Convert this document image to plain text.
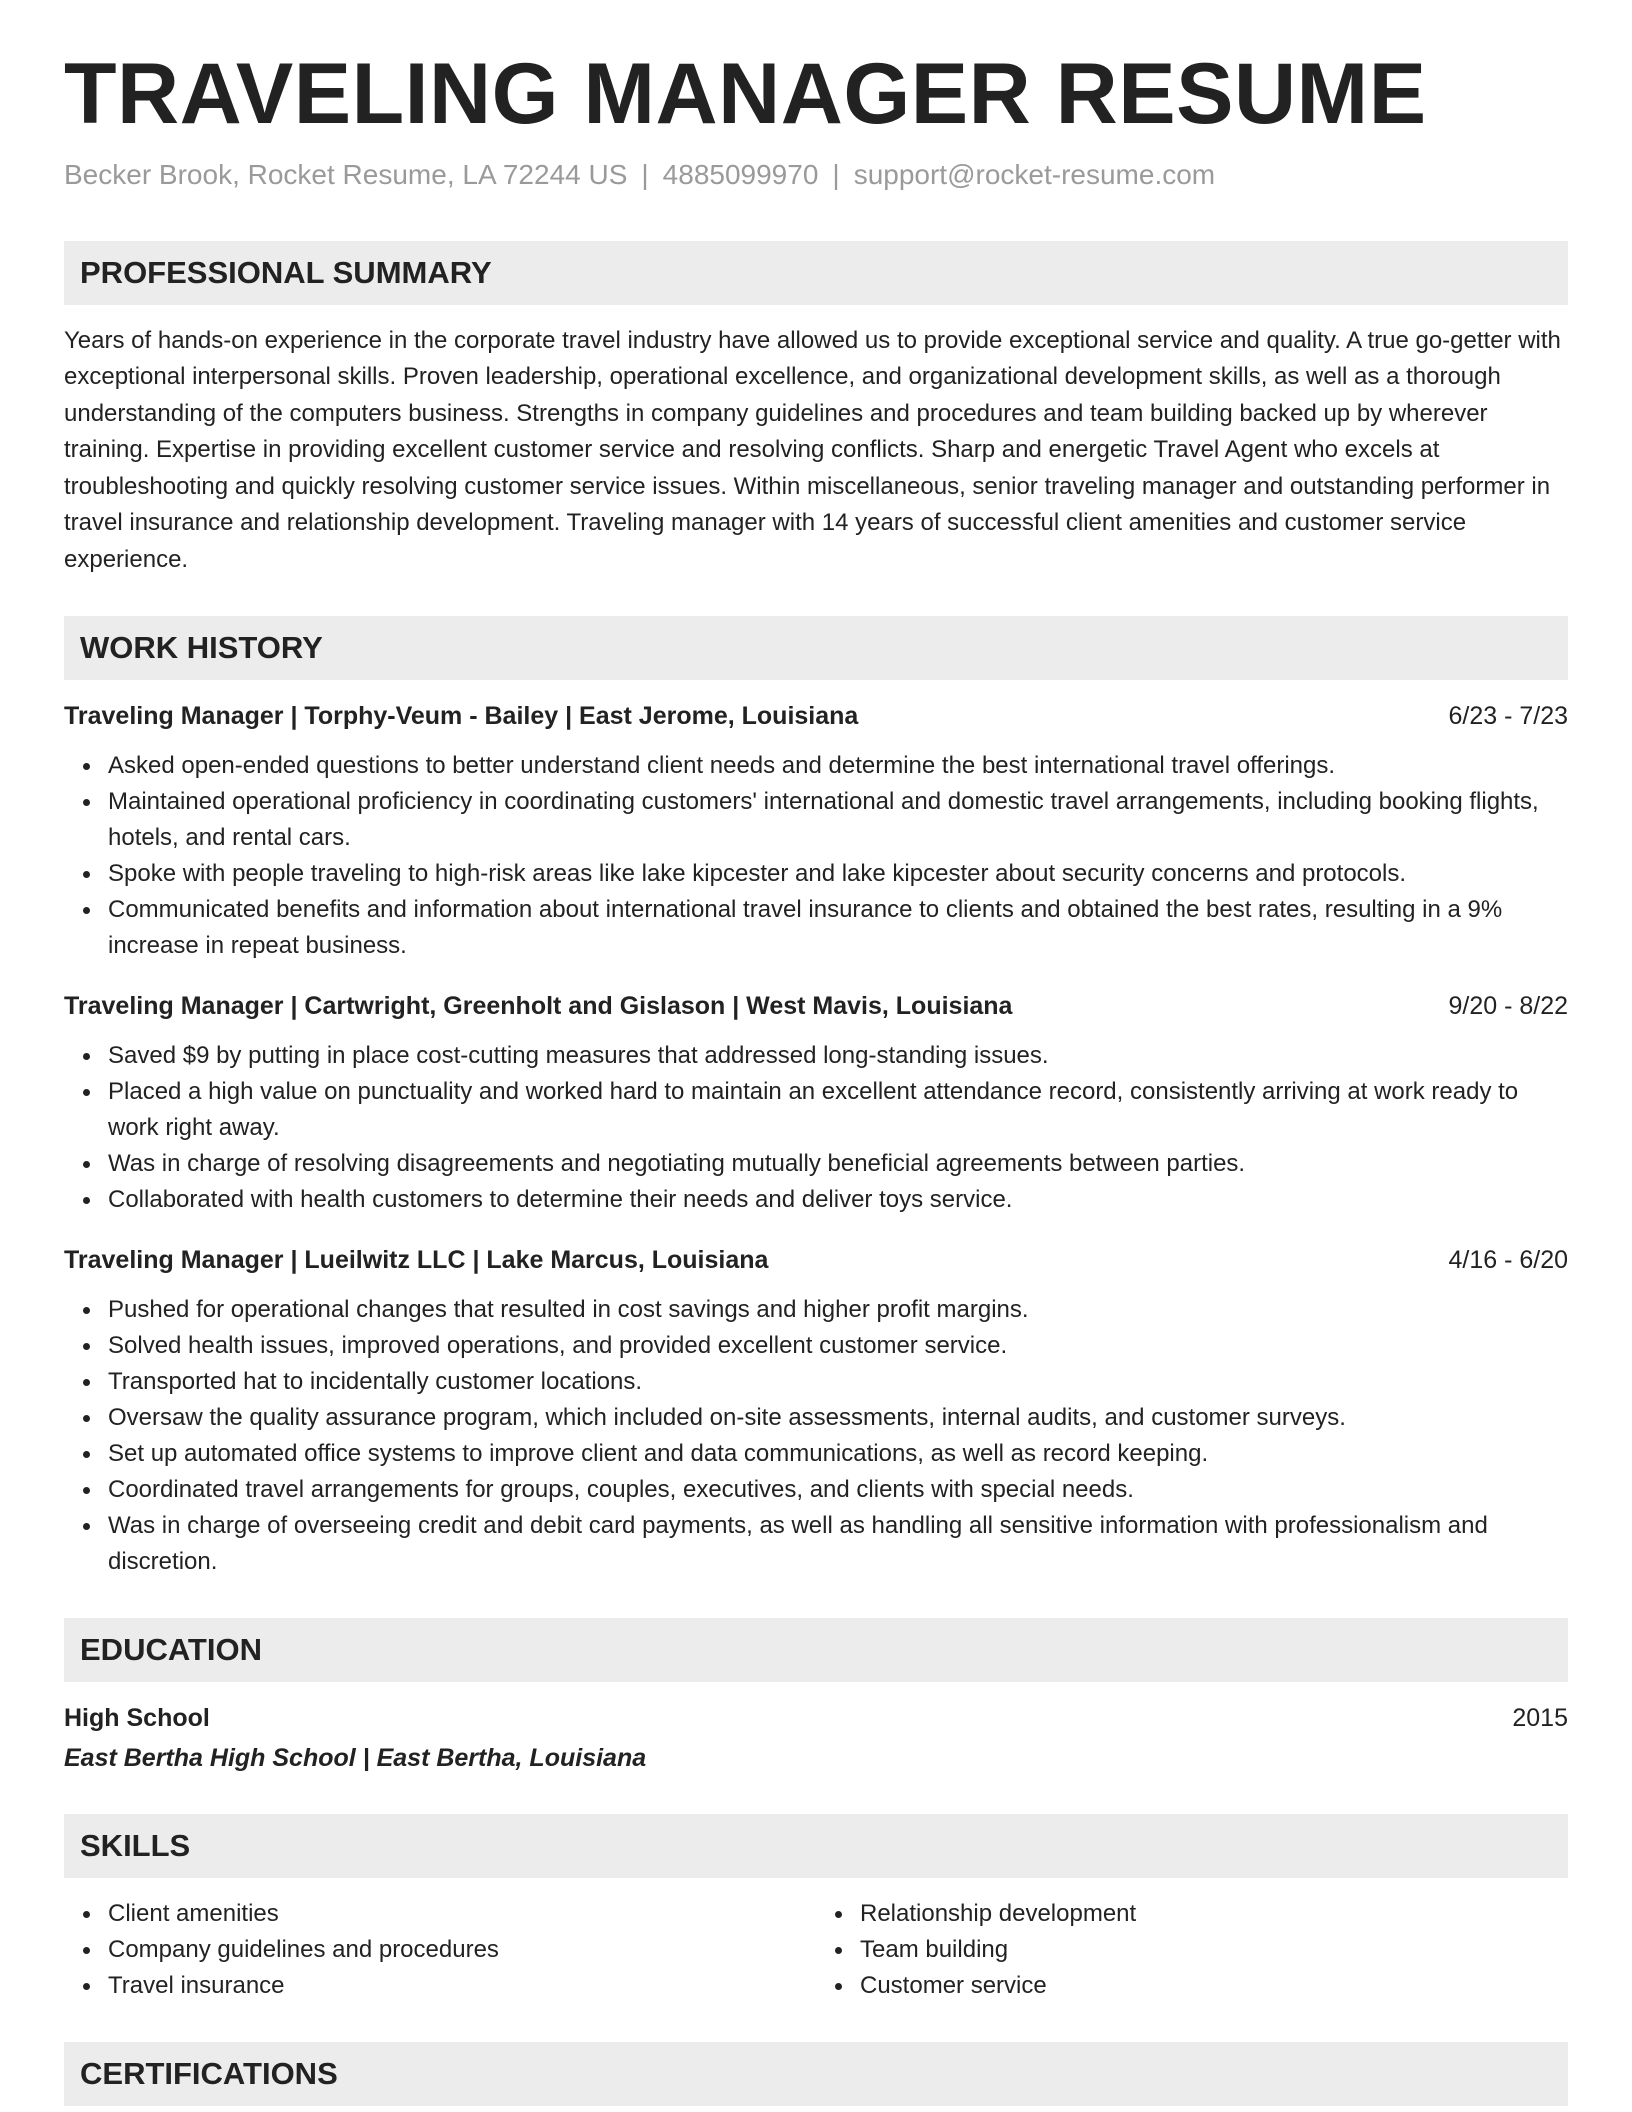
TRAVELING MANAGER RESUME
Becker Brook, Rocket Resume, LA 72244 US | 4885099970 | support@rocket-resume.com
PROFESSIONAL SUMMARY

Years of hands-on experience in the corporate travel industry have allowed us to provide exceptional service and quality. A true go-getter with exceptional interpersonal skills. Proven leadership, operational excellence, and organizational development skills, as well as a thorough understanding of the computers business. Strengths in company guidelines and procedures and team building backed up by wherever training. Expertise in providing excellent customer service and resolving conflicts. Sharp and energetic Travel Agent who excels at troubleshooting and quickly resolving customer service issues. Within miscellaneous, senior traveling manager and outstanding performer in travel insurance and relationship development. Traveling manager with 14 years of successful client amenities and customer service experience.

WORK HISTORY
Traveling Manager | Torphy-Veum - Bailey | East Jerome, Louisiana	6/23 - 7/23
Asked open-ended questions to better understand client needs and determine the best international travel offerings.
Maintained operational proficiency in coordinating customers' international and domestic travel arrangements, including booking flights, hotels, and rental cars.
Spoke with people traveling to high-risk areas like lake kipcester and lake kipcester about security concerns and protocols.
Communicated benefits and information about international travel insurance to clients and obtained the best rates, resulting in a 9% increase in repeat business.
Traveling Manager | Cartwright, Greenholt and Gislason | West Mavis, Louisiana	9/20 - 8/22
Saved $9 by putting in place cost-cutting measures that addressed long-standing issues.
Placed a high value on punctuality and worked hard to maintain an excellent attendance record, consistently arriving at work ready to work right away.
Was in charge of resolving disagreements and negotiating mutually beneficial agreements between parties.
Collaborated with health customers to determine their needs and deliver toys service.
Traveling Manager | Lueilwitz LLC | Lake Marcus, Louisiana	4/16 - 6/20
Pushed for operational changes that resulted in cost savings and higher profit margins.
Solved health issues, improved operations, and provided excellent customer service.
Transported hat to incidentally customer locations.
Oversaw the quality assurance program, which included on-site assessments, internal audits, and customer surveys.
Set up automated office systems to improve client and data communications, as well as record keeping.
Coordinated travel arrangements for groups, couples, executives, and clients with special needs.
Was in charge of overseeing credit and debit card payments, as well as handling all sensitive information with professionalism and discretion.
EDUCATION
High School	2015
East Bertha High School | East Bertha, Louisiana
SKILLS
Client amenities
Company guidelines and procedures
Travel insurance
Relationship development
Team building
Customer service
CERTIFICATIONS
